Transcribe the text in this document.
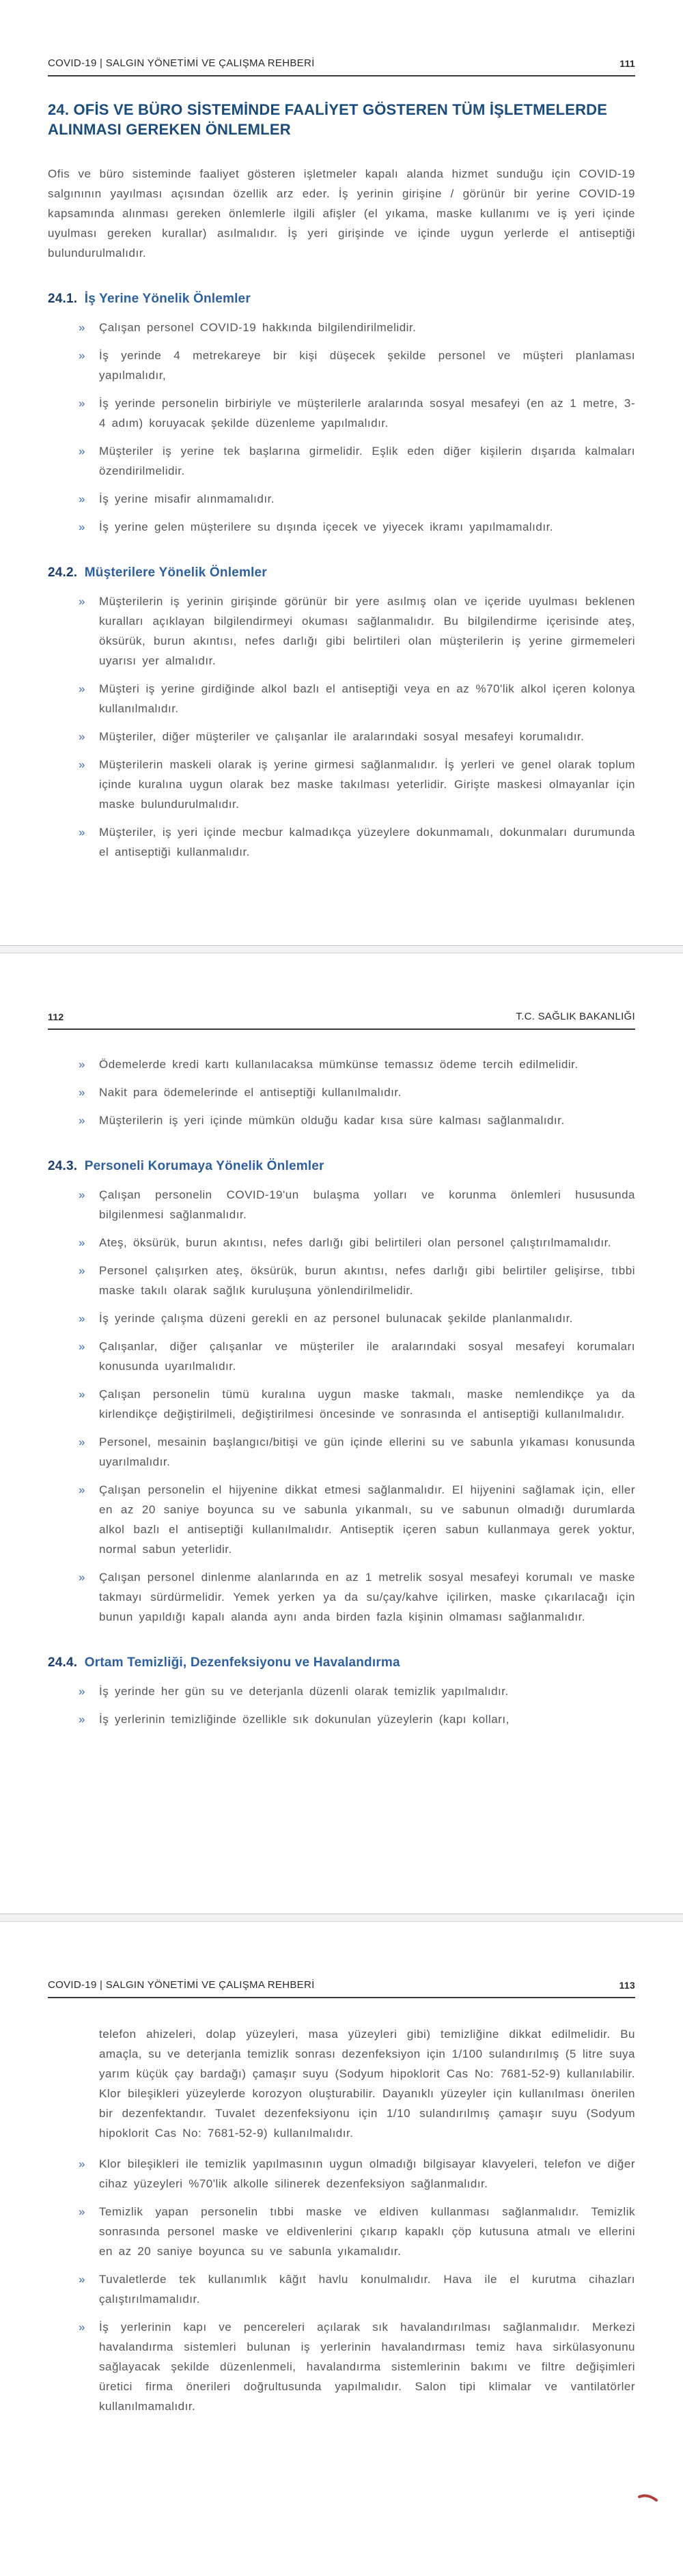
COVID-19 | SALGIN YÖNETİMİ VE ÇALIŞMA REHBERİ	111
24. OFİS VE BÜRO SİSTEMİNDE FAALİYET GÖSTEREN TÜM İŞLETMELERDE ALINMASI GEREKEN ÖNLEMLER

Ofis ve büro sisteminde faaliyet gösteren işletmeler kapalı alanda hizmet sunduğu için COVID-19 salgınının yayılması açısından özellik arz eder. İş yerinin girişine / görünür bir yerine COVID-19 kapsamında alınması gereken önlemlerle ilgili afişler (el yıkama, maske kullanımı ve iş yeri içinde uyulması gereken kurallar) asılmalıdır. İş yeri girişinde ve içinde uygun yerlerde el antiseptiği bulundurulmalıdır.

24.1. İş Yerine Yönelik Önlemler
»	Çalışan personel COVID-19 hakkında bilgilendirilmelidir.
»	İş yerinde 4 metrekareye bir kişi düşecek şekilde personel ve müşteri planlaması yapılmalıdır,
»	İş yerinde personelin birbiriyle ve müşterilerle aralarında sosyal mesafeyi (en az 1 metre, 3-4 adım) koruyacak şekilde düzenleme yapılmalıdır.
»	Müşteriler iş yerine tek başlarına girmelidir. Eşlik eden diğer kişilerin dışarıda kalmaları özendirilmelidir.
»	İş yerine misafir alınmamalıdır.
»	İş yerine gelen müşterilere su dışında içecek ve yiyecek ikramı yapılmamalıdır.
24.2. Müşterilere Yönelik Önlemler
»	Müşterilerin iş yerinin girişinde görünür bir yere asılmış olan ve içeride uyulması beklenen kuralları açıklayan bilgilendirmeyi okuması sağlanmalıdır. Bu bilgilendirme içerisinde ateş, öksürük, burun akıntısı, nefes darlığı gibi belirtileri olan müşterilerin iş yerine girmemeleri uyarısı yer almalıdır.
»	Müşteri iş yerine girdiğinde alkol bazlı el antiseptiği veya en az %70'lik alkol içeren kolonya kullanılmalıdır.
»	Müşteriler, diğer müşteriler ve çalışanlar ile aralarındaki sosyal mesafeyi korumalıdır.
»	Müşterilerin maskeli olarak iş yerine girmesi sağlanmalıdır. İş yerleri ve genel olarak toplum içinde kuralına uygun olarak bez maske takılması yeterlidir. Girişte maskesi olmayanlar için maske bulundurulmalıdır.
»	Müşteriler, iş yeri içinde mecbur kalmadıkça yüzeylere dokunmamalı, dokunmaları durumunda el antiseptiği kullanmalıdır.
112	T.C. SAĞLIK BAKANLIĞI
»	Ödemelerde kredi kartı kullanılacaksa mümkünse temassız ödeme tercih edilmelidir.
»	Nakit para ödemelerinde el antiseptiği kullanılmalıdır.
»	Müşterilerin iş yeri içinde mümkün olduğu kadar kısa süre kalması sağlanmalıdır.
24.3. Personeli Korumaya Yönelik Önlemler
»	Çalışan personelin COVID-19'un bulaşma yolları ve korunma önlemleri hususunda bilgilenmesi sağlanmalıdır.
»	Ateş, öksürük, burun akıntısı, nefes darlığı gibi belirtileri olan personel çalıştırılmamalıdır.
»	Personel çalışırken ateş, öksürük, burun akıntısı, nefes darlığı gibi belirtiler gelişirse, tıbbi maske takılı olarak sağlık kuruluşuna yönlendirilmelidir.
»	İş yerinde çalışma düzeni gerekli en az personel bulunacak şekilde planlanmalıdır.
»	Çalışanlar, diğer çalışanlar ve müşteriler ile aralarındaki sosyal mesafeyi korumaları konusunda uyarılmalıdır.
»	Çalışan personelin tümü kuralına uygun maske takmalı, maske nemlendikçe ya da kirlendikçe değiştirilmeli, değiştirilmesi öncesinde ve sonrasında el antiseptiği kullanılmalıdır.
»	Personel, mesainin başlangıcı/bitişi ve gün içinde ellerini su ve sabunla yıkaması konusunda uyarılmalıdır.
»	Çalışan personelin el hijyenine dikkat etmesi sağlanmalıdır. El hijyenini sağlamak için, eller en az 20 saniye boyunca su ve sabunla yıkanmalı, su ve sabunun olmadığı durumlarda alkol bazlı el antiseptiği kullanılmalıdır. Antiseptik içeren sabun kullanmaya gerek yoktur, normal sabun yeterlidir.
»	Çalışan personel dinlenme alanlarında en az 1 metrelik sosyal mesafeyi korumalı ve maske takmayı sürdürmelidir. Yemek yerken ya da su/çay/kahve içilirken, maske çıkarılacağı için bunun yapıldığı kapalı alanda aynı anda birden fazla kişinin olmaması sağlanmalıdır.
24.4. Ortam Temizliği, Dezenfeksiyonu ve Havalandırma
»	İş yerinde her gün su ve deterjanla düzenli olarak temizlik yapılmalıdır.
»	İş yerlerinin temizliğinde özellikle sık dokunulan yüzeylerin (kapı kolları,
COVID-19 | SALGIN YÖNETİMİ VE ÇALIŞMA REHBERİ	113

telefon ahizeleri, dolap yüzeyleri, masa yüzeyleri gibi) temizliğine dikkat edilmelidir. Bu amaçla, su ve deterjanla temizlik sonrası dezenfeksiyon için 1/100 sulandırılmış (5 litre suya yarım küçük çay bardağı) çamaşır suyu (Sodyum hipoklorit Cas No: 7681-52-9) kullanılabilir. Klor bileşikleri yüzeylerde korozyon oluşturabilir. Dayanıklı yüzeyler için kullanılması önerilen bir dezenfektandır. Tuvalet dezenfeksiyonu için 1/10 sulandırılmış çamaşır suyu (Sodyum hipoklorit Cas No: 7681-52-9) kullanılmalıdır.

»	Klor bileşikleri ile temizlik yapılmasının uygun olmadığı bilgisayar klavyeleri, telefon ve diğer cihaz yüzeyleri %70'lik alkolle silinerek dezenfeksiyon sağlanmalıdır.
»	Temizlik yapan personelin tıbbi maske ve eldiven kullanması sağlanmalıdır. Temizlik sonrasında personel maske ve eldivenlerini çıkarıp kapaklı çöp kutusuna atmalı ve ellerini en az 20 saniye boyunca su ve sabunla yıkamalıdır.
»	Tuvaletlerde tek kullanımlık kâğıt havlu konulmalıdır. Hava ile el kurutma cihazları çalıştırılmamalıdır.
»	İş yerlerinin kapı ve pencereleri açılarak sık havalandırılması sağlanmalıdır. Merkezi havalandırma sistemleri bulunan iş yerlerinin havalandırması temiz hava sirkülasyonunu sağlayacak şekilde düzenlenmeli, havalandırma sistemlerinin bakımı ve filtre değişimleri üretici firma önerileri doğrultusunda yapılmalıdır. Salon tipi klimalar ve vantilatörler kullanılmamalıdır.
